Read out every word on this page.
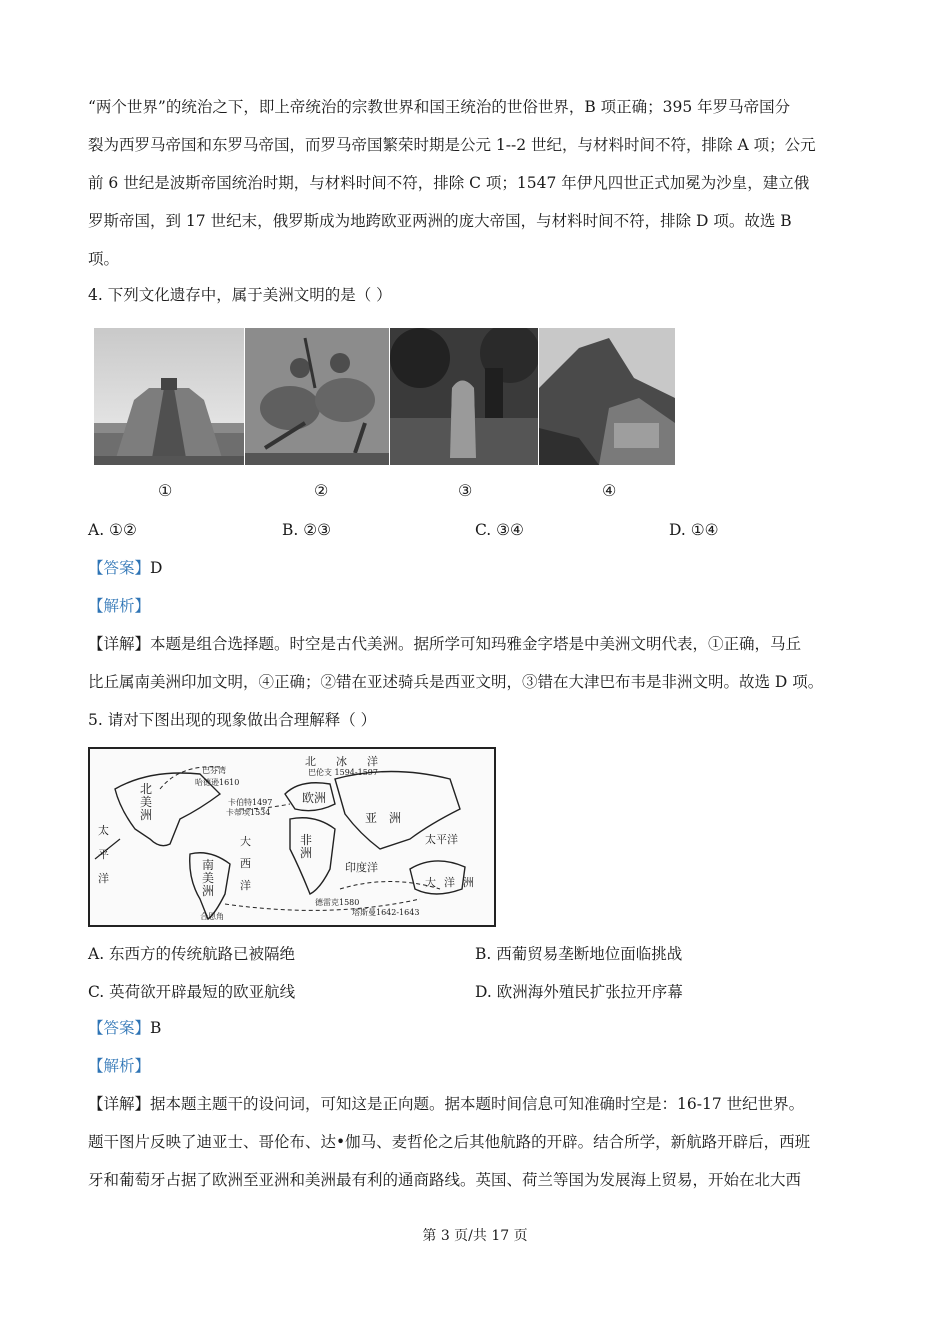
“两个世界”的统治之下，即上帝统治的宗教世界和国王统治的世俗世界，B 项正确；395 年罗马帝国分
裂为西罗马帝国和东罗马帝国，而罗马帝国繁荣时期是公元 1--2 世纪，与材料时间不符，排除 A 项；公元
前 6 世纪是波斯帝国统治时期，与材料时间不符，排除 C 项；1547 年伊凡四世正式加冕为沙皇，建立俄
罗斯帝国，到 17 世纪末，俄罗斯成为地跨欧亚两洲的庞大帝国，与材料时间不符，排除 D 项。故选 B
项。
4. 下列文化遗存中，属于美洲文明的是（ ）
①	②	③	④
A. ①②	B. ②③	C. ③④	D. ①④
【答案】D
【解析】
【详解】本题是组合选择题。时空是古代美洲。据所学可知玛雅金字塔是中美洲文明代表，①正确，马丘
比丘属南美洲印加文明，④正确；②错在亚述骑兵是西亚文明，③错在大津巴布韦是非洲文明。故选 D 项。
5. 请对下图出现的现象做出合理解释（ ）
北美洲
南美洲
欧洲
非洲
亚洲
大洋洲
太平洋
太平洋
大西洋
印度洋
北冰洋
哈德逊1610
巴芬湾	巴伦支 1594-1597
卡伯特1497
卡蒂埃1534
德雷克1580
塔斯曼1642-1643
合恩角
A. 东西方的传统航路已被隔绝	B. 西葡贸易垄断地位面临挑战
C. 英荷欲开辟最短的欧亚航线	D. 欧洲海外殖民扩张拉开序幕
【答案】B
【解析】
【详解】据本题主题干的设问词，可知这是正向题。据本题时间信息可知准确时空是：16-17 世纪世界。
题干图片反映了迪亚士、哥伦布、达•伽马、麦哲伦之后其他航路的开辟。结合所学，新航路开辟后，西班
牙和葡萄牙占据了欧洲至亚洲和美洲最有利的通商路线。英国、荷兰等国为发展海上贸易，开始在北大西
第 3 页/共 17 页
